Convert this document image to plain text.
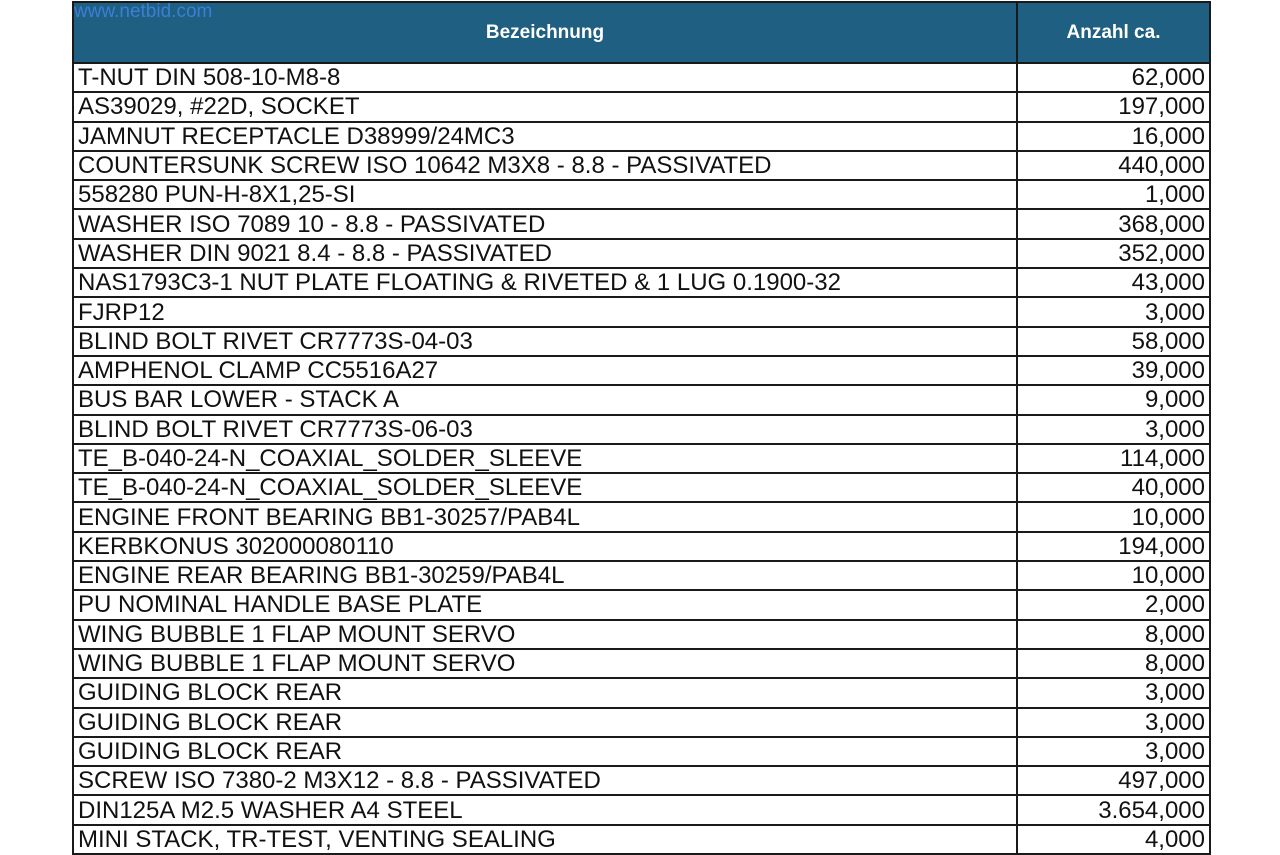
www.netbid.com
Bezeichnung	Anzahl ca.
T-NUT DIN 508-10-M8-8	62,000
AS39029, #22D, SOCKET	197,000
JAMNUT RECEPTACLE D38999/24MC3	16,000
COUNTERSUNK SCREW ISO 10642 M3X8 - 8.8 - PASSIVATED	440,000
558280 PUN-H-8X1,25-SI	1,000
WASHER ISO 7089 10 - 8.8 - PASSIVATED	368,000
WASHER DIN 9021 8.4 - 8.8 - PASSIVATED	352,000
NAS1793C3-1 NUT PLATE FLOATING & RIVETED & 1 LUG 0.1900-32	43,000
FJRP12	3,000
BLIND BOLT RIVET CR7773S-04-03	58,000
AMPHENOL CLAMP CC5516A27	39,000
BUS BAR LOWER - STACK A	9,000
BLIND BOLT RIVET CR7773S-06-03	3,000
TE_B-040-24-N_COAXIAL_SOLDER_SLEEVE	114,000
TE_B-040-24-N_COAXIAL_SOLDER_SLEEVE	40,000
ENGINE FRONT BEARING BB1-30257/PAB4L	10,000
KERBKONUS 302000080110	194,000
ENGINE REAR BEARING BB1-30259/PAB4L	10,000
PU NOMINAL HANDLE BASE PLATE	2,000
WING BUBBLE 1 FLAP MOUNT SERVO	8,000
WING BUBBLE 1 FLAP MOUNT SERVO	8,000
GUIDING BLOCK REAR	3,000
GUIDING BLOCK REAR	3,000
GUIDING BLOCK REAR	3,000
SCREW ISO 7380-2 M3X12 - 8.8 - PASSIVATED	497,000
DIN125A M2.5 WASHER A4 STEEL	3.654,000
MINI STACK, TR-TEST, VENTING SEALING	4,000
